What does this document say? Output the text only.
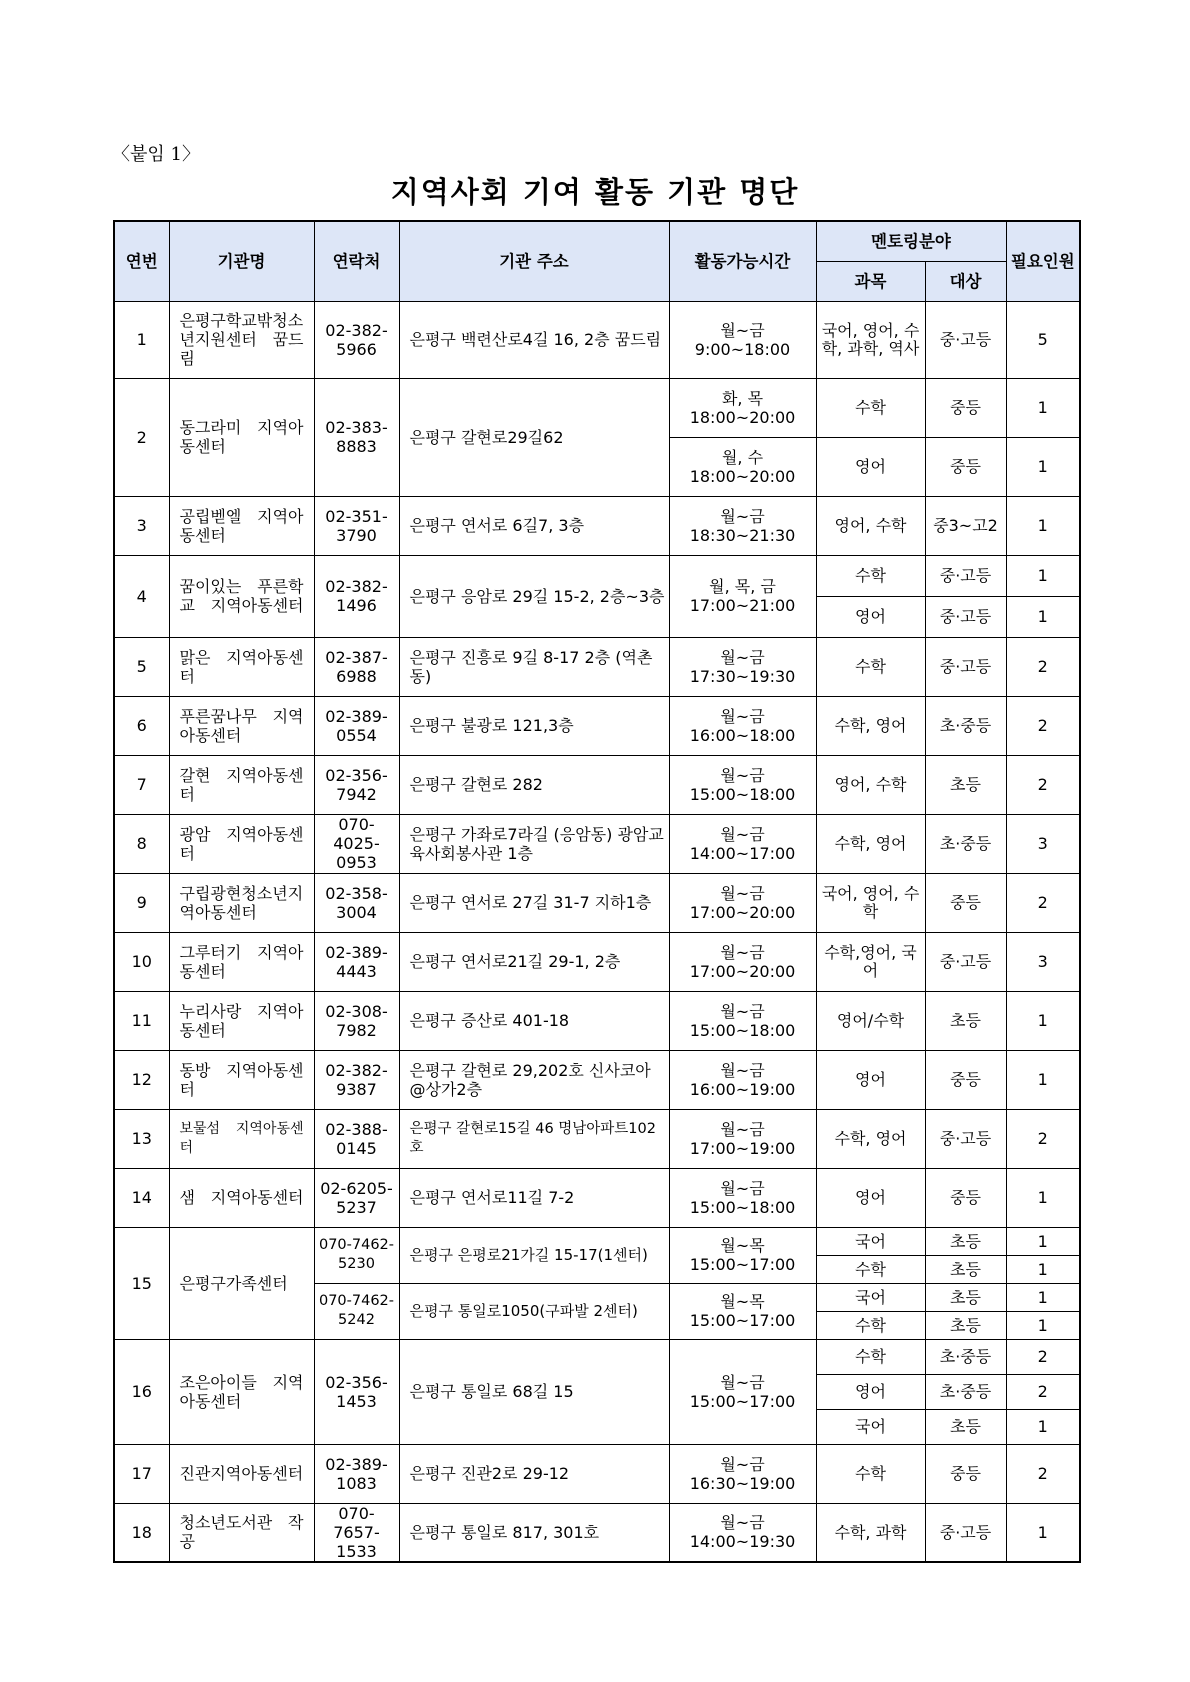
〈붙임 1〉
지역사회 기여 활동 기관 명단
연번	기관명	연락처	기관 주소	활동가능시간	멘토링분야		필요인원
					과목	대상	
1	은평구학교밖청소년지원센터 꿈드림	02-382-5966	은평구 백련산로4길 16, 2층 꿈드림	월~금 9:00~18:00	국어, 영어, 수학, 과학, 역사	중·고등	5
2	동그라미 지역아동센터	02-383-8883	은평구 갈현로29길62	화, 목 18:00~20:00	수학	중등	1
				월, 수 18:00~20:00	영어	중등	1
3	공립벧엘 지역아동센터	02-351-3790	은평구 연서로 6길7, 3층	월~금 18:30~21:30	영어, 수학	중3~고2	1
4	꿈이있는 푸른학교 지역아동센터	02-382-1496	은평구 응암로 29길 15-2, 2층~3층	월, 목, 금 17:00~21:00	수학	중·고등	1
					영어	중·고등	1
5	맑은 지역아동센터	02-387-6988	은평구 진흥로 9길 8-17 2층 (역촌동)	월~금 17:30~19:30	수학	중·고등	2
6	푸른꿈나무 지역아동센터	02-389-0554	은평구 불광로 121,3층	월~금 16:00~18:00	수학, 영어	초·중등	2
7	갈현 지역아동센터	02-356-7942	은평구 갈현로 282	월~금 15:00~18:00	영어, 수학	초등	2
8	광암 지역아동센터	070-4025-0953	은평구 가좌로7라길 (응암동) 광암교육사회봉사관 1층	월~금 14:00~17:00	수학, 영어	초·중등	3
9	구립광현청소년지역아동센터	02-358-3004	은평구 연서로 27길 31-7 지하1층	월~금 17:00~20:00	국어, 영어, 수학	중등	2
10	그루터기 지역아동센터	02-389-4443	은평구 연서로21길 29-1, 2층	월~금 17:00~20:00	수학,영어, 국어	중·고등	3
11	누리사랑 지역아동센터	02-308-7982	은평구 증산로 401-18	월~금 15:00~18:00	영어/수학	초등	1
12	동방 지역아동센터	02-382-9387	은평구 갈현로 29,202호 신사코아 @상가2층	월~금 16:00~19:00	영어	중등	1
13	보물섬 지역아동센터	02-388-0145	은평구 갈현로15길 46 명남아파트102호	월~금 17:00~19:00	수학, 영어	중·고등	2
14	샘 지역아동센터	02-6205-5237	은평구 연서로11길 7-2	월~금 15:00~18:00	영어	중등	1
15	은평구가족센터	070-7462-5230	은평구 은평로21가길 15-17(1센터)	월~목 15:00~17:00	국어	초등	1
					수학	초등	1
		070-7462-5242	은평구 통일로1050(구파발 2센터)	월~목 15:00~17:00	국어	초등	1
					수학	초등	1
16	조은아이들 지역아동센터	02-356-1453	은평구 통일로 68길 15	월~금 15:00~17:00	수학	초·중등	2
					영어	초·중등	2
					국어	초등	1
17	진관지역아동센터	02-389-1083	은평구 진관2로 29-12	월~금 16:30~19:00	수학	중등	2
18	청소년도서관 작공	070-7657-1533	은평구 통일로 817, 301호	월~금 14:00~19:30	수학, 과학	중·고등	1
